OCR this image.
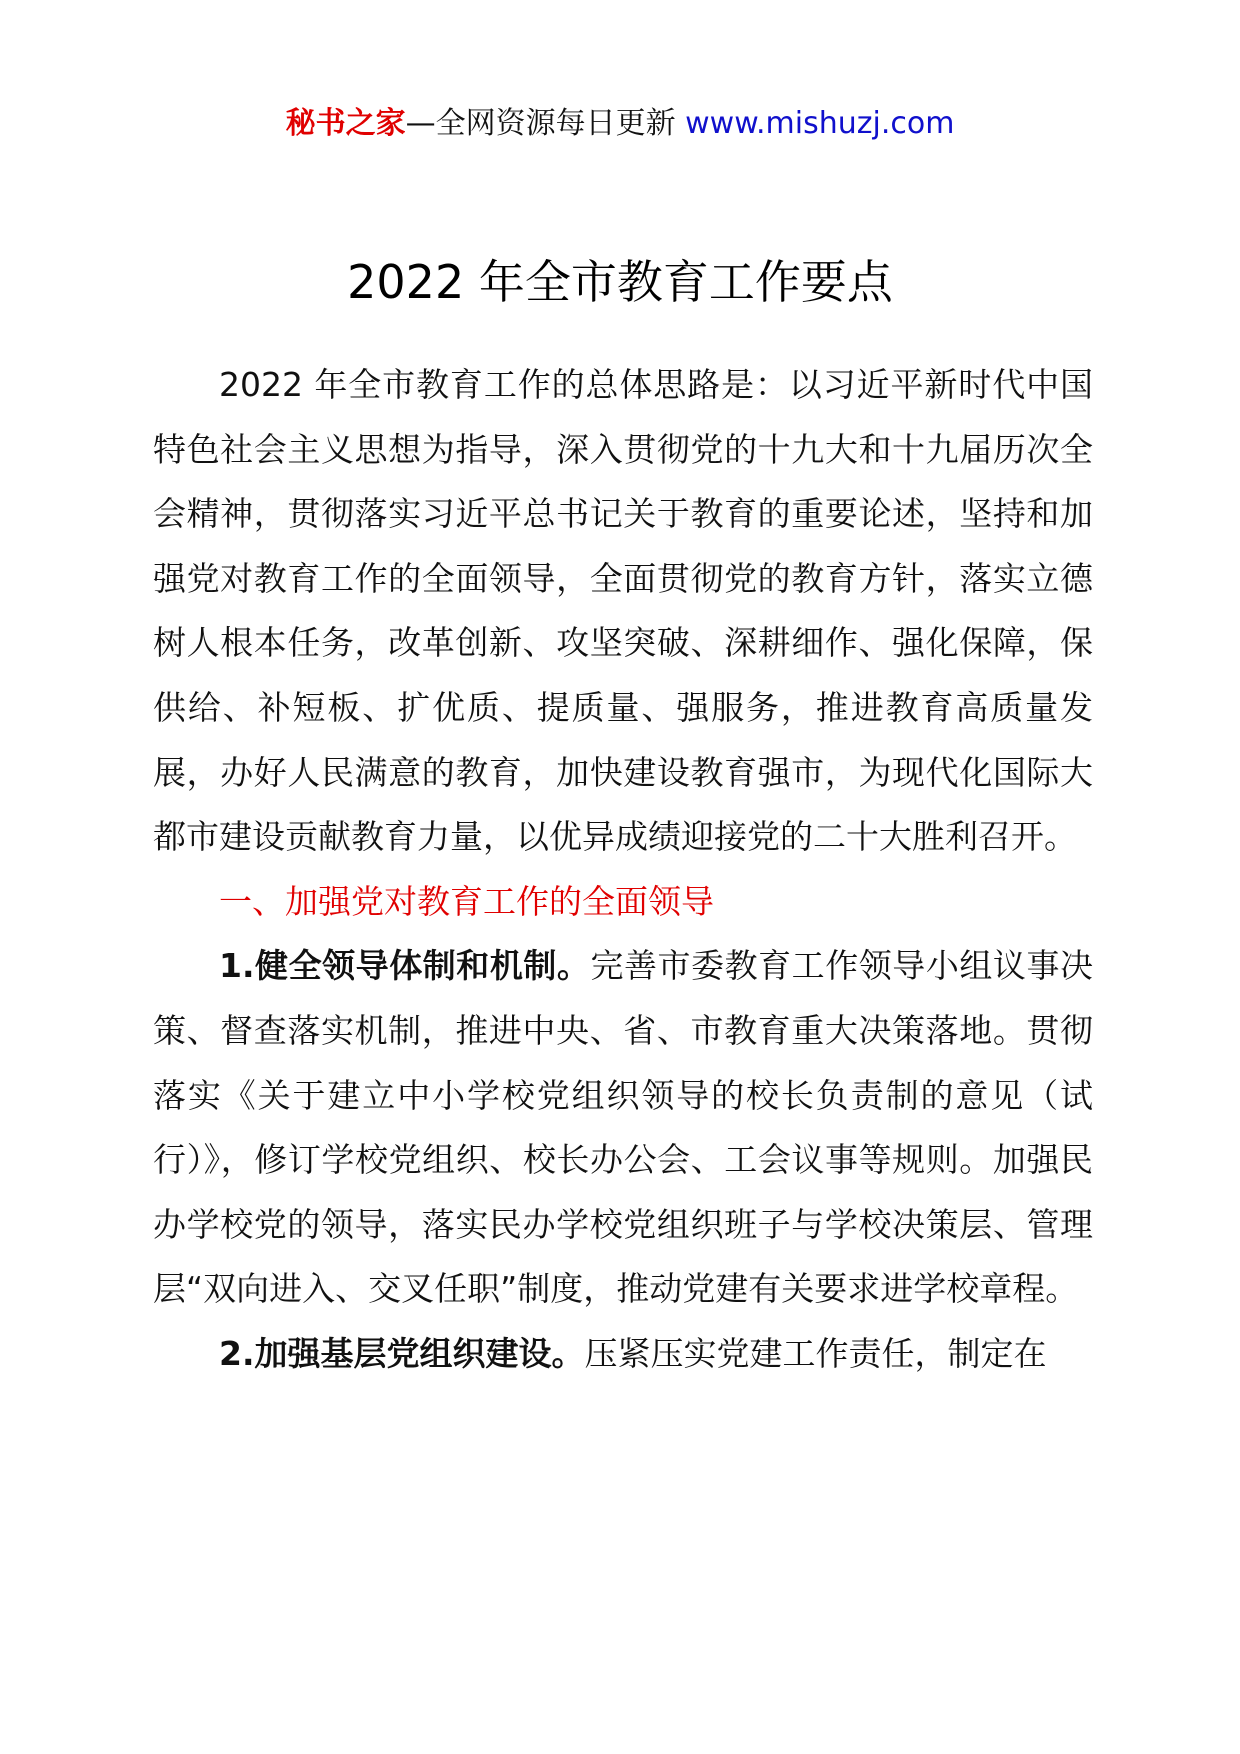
秘书之家—全网资源每日更新 www.mishuzj.com
2022 年全市教育工作要点

2022 年全市教育工作的总体思路是：以习近平新时代中国特色社会主义思想为指导，深入贯彻党的十九大和十九届历次全会精神，贯彻落实习近平总书记关于教育的重要论述，坚持和加强党对教育工作的全面领导，全面贯彻党的教育方针，落实立德树人根本任务，改革创新、攻坚突破、深耕细作、强化保障，保供给、补短板、扩优质、提质量、强服务，推进教育高质量发展，办好人民满意的教育，加快建设教育强市，为现代化国际大都市建设贡献教育力量，以优异成绩迎接党的二十大胜利召开。

一、加强党对教育工作的全面领导

1.健全领导体制和机制。完善市委教育工作领导小组议事决策、督查落实机制，推进中央、省、市教育重大决策落地。贯彻落实《关于建立中小学校党组织领导的校长负责制的意见（试行）》，修订学校党组织、校长办公会、工会议事等规则。加强民办学校党的领导，落实民办学校党组织班子与学校决策层、管理层“双向进入、交叉任职”制度，推动党建有关要求进学校章程。

2.加强基层党组织建设。压紧压实党建工作责任，制定在
